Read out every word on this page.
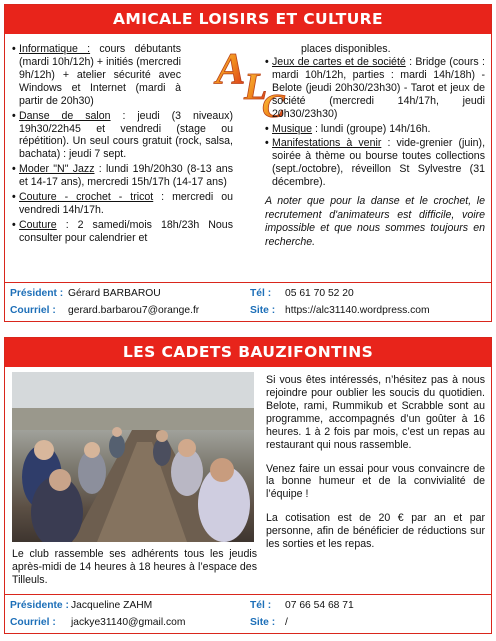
AMICALE LOISIRS ET CULTURE
A
L
C
• Informatique : cours débutants (mardi 10h/12h) + initiés (mercredi 9h/12h) + atelier sécurité avec Windows et Internet (mardi à partir de 20h30)
• Danse de salon : jeudi (3 niveaux) 19h30/22h45 et vendredi (stage ou répétition). Un seul cours gratuit (rock, salsa, bachata) : jeudi 7 sept.
• Moder "N" Jazz : lundi 19h/20h30 (8-13 ans et 14-17 ans), mercredi 15h/17h (14-17 ans)
• Couture - crochet - tricot : mercredi ou vendredi 14h/17h.
• Couture : 2 samedi/mois 18h/23h Nous consulter pour calendrier et
places disponibles.
• Jeux de cartes et de société : Bridge (cours : mardi 10h/12h, parties : mardi 14h/18h) - Belote (jeudi 20h30/23h30) - Tarot et jeux de société (mercredi 14h/17h, jeudi 20h30/23h30)
• Musique : lundi (groupe) 14h/16h.
• Manifestations à venir : vide-grenier (juin), soirée à thème ou bourse toutes collections (sept./octobre), réveillon St Sylvestre (31 décembre).
A noter que pour la danse et le crochet, le recrutement d'animateurs est difficile, voire impossible et que nous sommes toujours en recherche.
Président : Gérard BARBAROU	Tél : 05 61 70 52 20
Courriel : gerard.barbarou7@orange.fr	Site : https://alc31140.wordpress.com
LES CADETS BAUZIFONTINS
Le club rassemble ses adhérents tous les jeudis après-midi de 14 heures à 18 heures à l’espace des Tilleuls.
Si vous êtes intéressés, n’hésitez pas à nous rejoindre pour oublier les soucis du quotidien. Belote, rami, Rummikub et Scrabble sont au programme, accompagnés d’un goûter à 16 heures. 1 à 2 fois par mois, c’est un repas au restaurant qui nous rassemble.
Venez faire un essai pour vous convaincre de la bonne humeur et de la convivialité de l’équipe !
La cotisation est de 20 € par an et par personne, afin de bénéficier de réductions sur les sorties et les repas.
Présidente : Jacqueline ZAHM	Tél : 07 66 54 68 71
Courriel : jackye31140@gmail.com	Site : /
